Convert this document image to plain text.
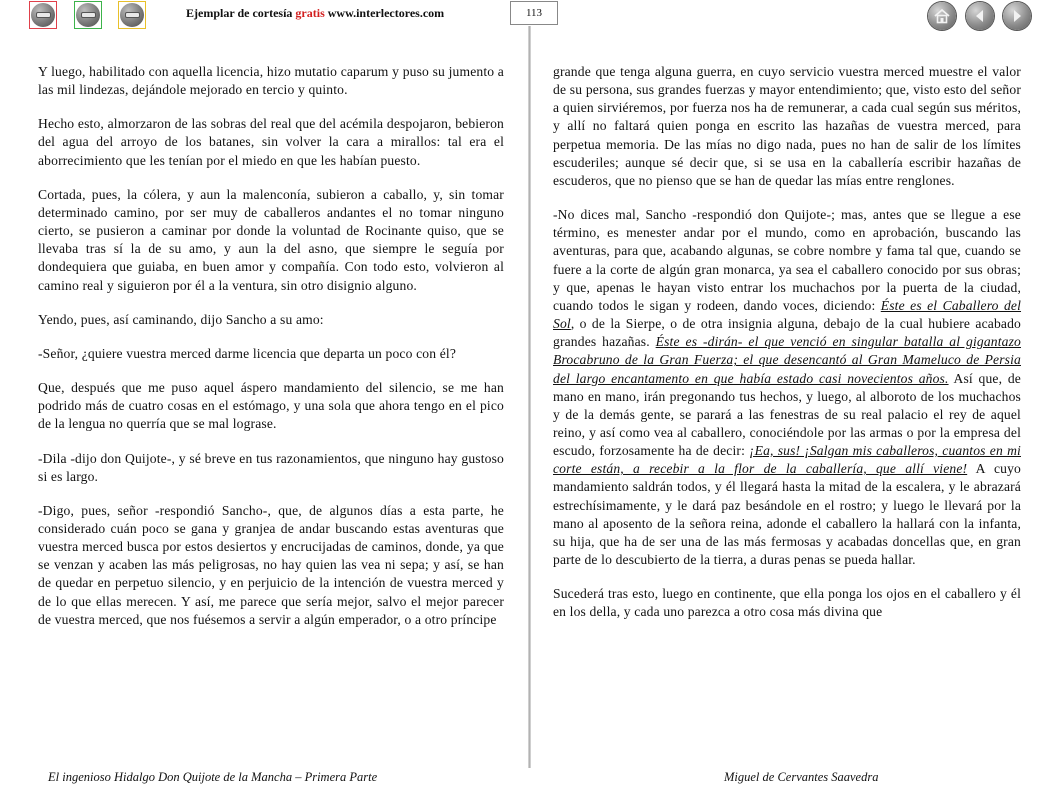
Ejemplar de cortesía gratis www.interlectores.com	113

Y luego, habilitado con aquella licencia, hizo mutatio caparum y puso su jumento a las mil lindezas, dejándole mejorado en tercio y quinto.

Hecho esto, almorzaron de las sobras del real que del acémila despojaron, bebieron del agua del arroyo de los batanes, sin volver la cara a mirallos: tal era el aborrecimiento que les tenían por el miedo en que les habían puesto.

Cortada, pues, la cólera, y aun la malenconía, subieron a caballo, y, sin tomar determinado camino, por ser muy de caballeros andantes el no tomar ninguno cierto, se pusieron a caminar por donde la voluntad de Rocinante quiso, que se llevaba tras sí la de su amo, y aun la del asno, que siempre le seguía por dondequiera que guiaba, en buen amor y compañía. Con todo esto, volvieron al camino real y siguieron por él a la ventura, sin otro disignio alguno.

Yendo, pues, así caminando, dijo Sancho a su amo:

-Señor, ¿quiere vuestra merced darme licencia que departa un poco con él?

Que, después que me puso aquel áspero mandamiento del silencio, se me han podrido más de cuatro cosas en el estómago, y una sola que ahora tengo en el pico de la lengua no querría que se mal lograse.

-Dila -dijo don Quijote-, y sé breve en tus razonamientos, que ninguno hay gustoso si es largo.

-Digo, pues, señor -respondió Sancho-, que, de algunos días a esta parte, he considerado cuán poco se gana y granjea de andar buscando estas aventuras que vuestra merced busca por estos desiertos y encrucijadas de caminos, donde, ya que se venzan y acaben las más peligrosas, no hay quien las vea ni sepa; y así, se han de quedar en perpetuo silencio, y en perjuicio de la intención de vuestra merced y de lo que ellas merecen. Y así, me parece que sería mejor, salvo el mejor parecer de vuestra merced, que nos fuésemos a servir a algún emperador, o a otro príncipe

grande que tenga alguna guerra, en cuyo servicio vuestra merced muestre el valor de su persona, sus grandes fuerzas y mayor entendimiento; que, visto esto del señor a quien sirviéremos, por fuerza nos ha de remunerar, a cada cual según sus méritos, y allí no faltará quien ponga en escrito las hazañas de vuestra merced, para perpetua memoria. De las mías no digo nada, pues no han de salir de los límites escuderiles; aunque sé decir que, si se usa en la caballería escribir hazañas de escuderos, que no pienso que se han de quedar las mías entre renglones.

-No dices mal, Sancho -respondió don Quijote-; mas, antes que se llegue a ese término, es menester andar por el mundo, como en aprobación, buscando las aventuras, para que, acabando algunas, se cobre nombre y fama tal que, cuando se fuere a la corte de algún gran monarca, ya sea el caballero conocido por sus obras; y que, apenas le hayan visto entrar los muchachos por la puerta de la ciudad, cuando todos le sigan y rodeen, dando voces, diciendo: Éste es el Caballero del Sol, o de la Sierpe, o de otra insignia alguna, debajo de la cual hubiere acabado grandes hazañas. Éste es -dirán- el que venció en singular batalla al gigantazo Brocabruno de la Gran Fuerza; el que desencantó al Gran Mameluco de Persia del largo encantamento en que había estado casi novecientos años. Así que, de mano en mano, irán pregonando tus hechos, y luego, al alboroto de los muchachos y de la demás gente, se parará a las fenestras de su real palacio el rey de aquel reino, y así como vea al caballero, conociéndole por las armas o por la empresa del escudo, forzosamente ha de decir: ¡Ea, sus! ¡Salgan mis caballeros, cuantos en mi corte están, a recebir a la flor de la caballería, que allí viene! A cuyo mandamiento saldrán todos, y él llegará hasta la mitad de la escalera, y le abrazará estrechísimamente, y le dará paz besándole en el rostro; y luego le llevará por la mano al aposento de la señora reina, adonde el caballero la hallará con la infanta, su hija, que ha de ser una de las más fermosas y acabadas doncellas que, en gran parte de lo descubierto de la tierra, a duras penas se pueda hallar.

Sucederá tras esto, luego en continente, que ella ponga los ojos en el caballero y él en los della, y cada uno parezca a otro cosa más divina que

El ingenioso Hidalgo Don Quijote de la Mancha – Primera Parte	Miguel de Cervantes Saavedra
